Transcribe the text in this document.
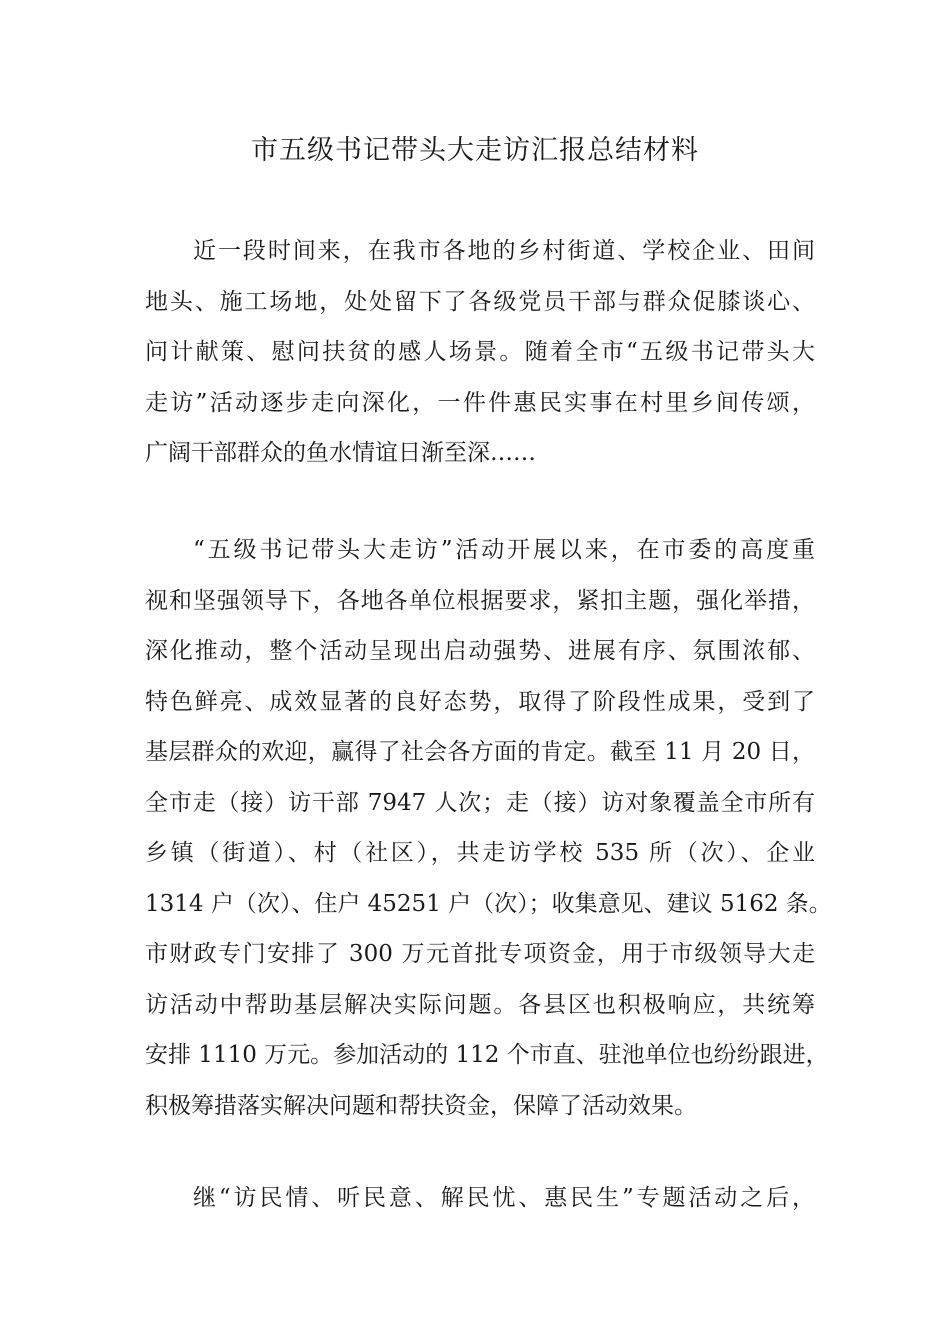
市五级书记带头大走访汇报总结材料
近一段时间来，在我市各地的乡村街道、学校企业、田间
地头、施工场地，处处留下了各级党员干部与群众促膝谈心、
问计献策、慰问扶贫的感人场景。随着全市“五级书记带头大
走访”活动逐步走向深化，一件件惠民实事在村里乡间传颂，
广阔干部群众的鱼水情谊日渐至深……
“五级书记带头大走访”活动开展以来，在市委的高度重
视和坚强领导下，各地各单位根据要求，紧扣主题，强化举措，
深化推动，整个活动呈现出启动强势、进展有序、氛围浓郁、
特色鲜亮、成效显著的良好态势，取得了阶段性成果，受到了
基层群众的欢迎，赢得了社会各方面的肯定。截至 11 月 20 日，
全市走（接）访干部 7947 人次；走（接）访对象覆盖全市所有
乡镇（街道）、村（社区），共走访学校 535 所（次）、企业
1314 户（次）、住户 45251 户（次）；收集意见、建议 5162 条。
市财政专门安排了 300 万元首批专项资金，用于市级领导大走
访活动中帮助基层解决实际问题。各县区也积极响应，共统筹
安排 1110 万元。参加活动的 112 个市直、驻池单位也纷纷跟进，
积极筹措落实解决问题和帮扶资金，保障了活动效果。
继“访民情、听民意、解民忧、惠民生”专题活动之后，
